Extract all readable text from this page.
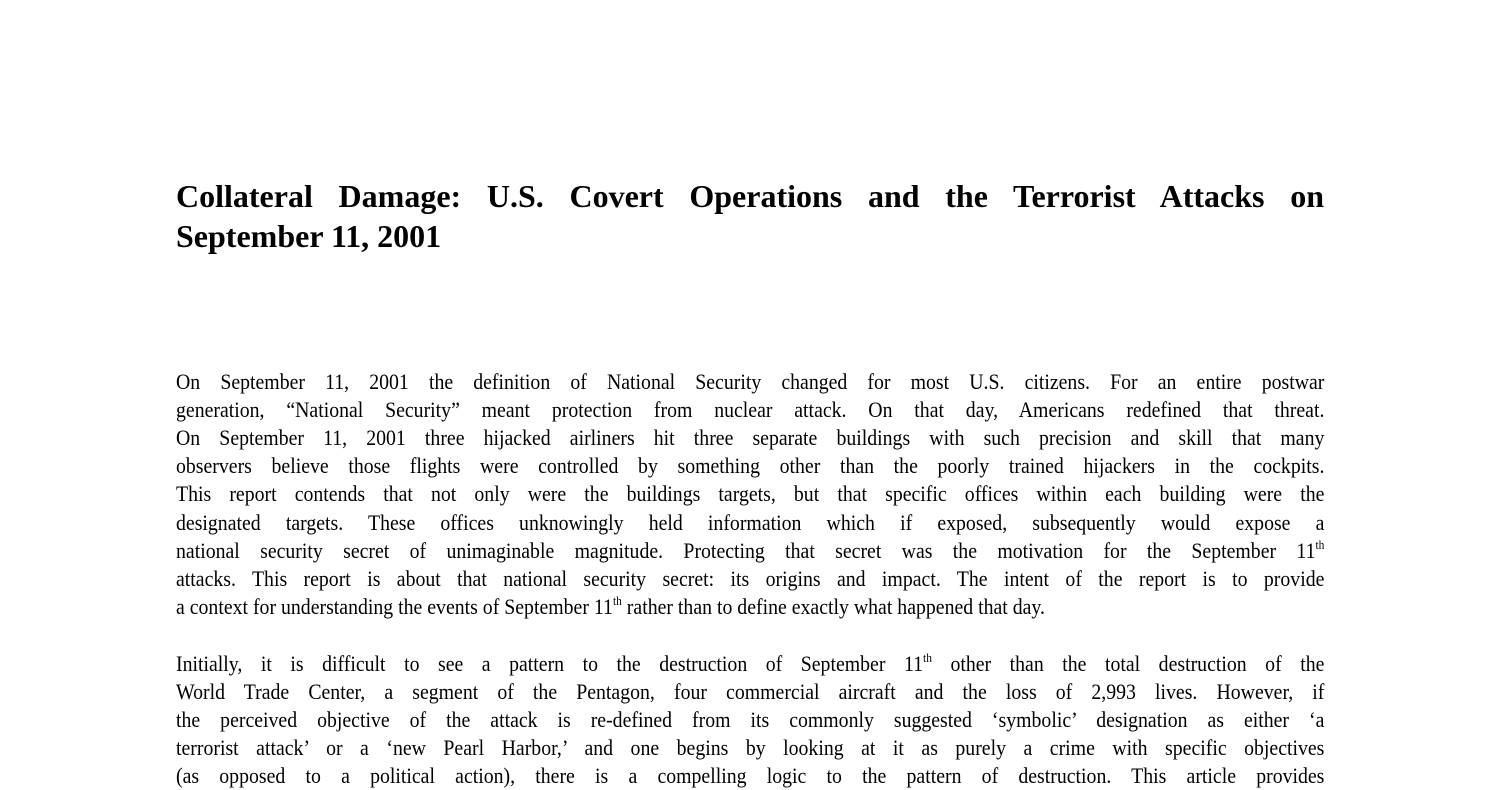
Collateral Damage: U.S. Covert Operations and the Terrorist Attacks on
September 11, 2001
On September 11, 2001 the definition of National Security changed for most U.S. citizens. For an entire postwar
generation, “National Security” meant protection from nuclear attack. On that day, Americans redefined that threat.
On September 11, 2001 three hijacked airliners hit three separate buildings with such precision and skill that many
observers believe those flights were controlled by something other than the poorly trained hijackers in the cockpits.
This report contends that not only were the buildings targets, but that specific offices within each building were the
designated targets. These offices unknowingly held information which if exposed, subsequently would expose a
national security secret of unimaginable magnitude. Protecting that secret was the motivation for the September 11th
attacks. This report is about that national security secret: its origins and impact. The intent of the report is to provide
a context for understanding the events of September 11th rather than to define exactly what happened that day.
Initially, it is difficult to see a pattern to the destruction of September 11th other than the total destruction of the
World Trade Center, a segment of the Pentagon, four commercial aircraft and the loss of 2,993 lives. However, if
the perceived objective of the attack is re-defined from its commonly suggested ‘symbolic’ designation as either ‘a
terrorist attack’ or a ‘new Pearl Harbor,’ and one begins by looking at it as purely a crime with specific objectives
(as opposed to a political action), there is a compelling logic to the pattern of destruction. This article provides
